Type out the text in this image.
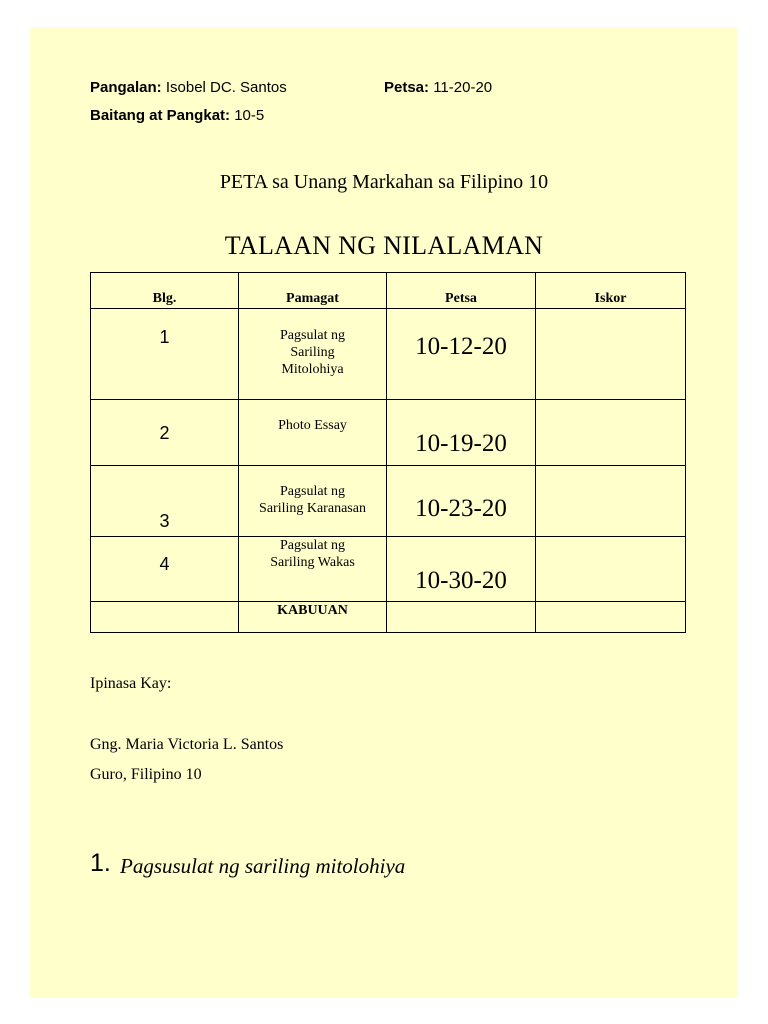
Pangalan: Isobel DC. Santos	Petsa: 11-20-20
Baitang at Pangkat: 10-5
PETA sa Unang Markahan sa Filipino 10
TALAAN NG NILALAMAN
Blg.	Pamagat	Petsa	Iskor

1	Pagsulat ng
Sariling
Mitolohiya	10-12-20	

2	Photo Essay	10-19-20	

3	Pagsulat ng
Sariling Karanasan	10-23-20	

4	Pagsulat ng
Sariling Wakas	10-30-20	

	KABUUAN		

Ipinasa Kay:
Gng. Maria Victoria L. Santos
Guro, Filipino 10
1. Pagsusulat ng sariling mitolohiya
